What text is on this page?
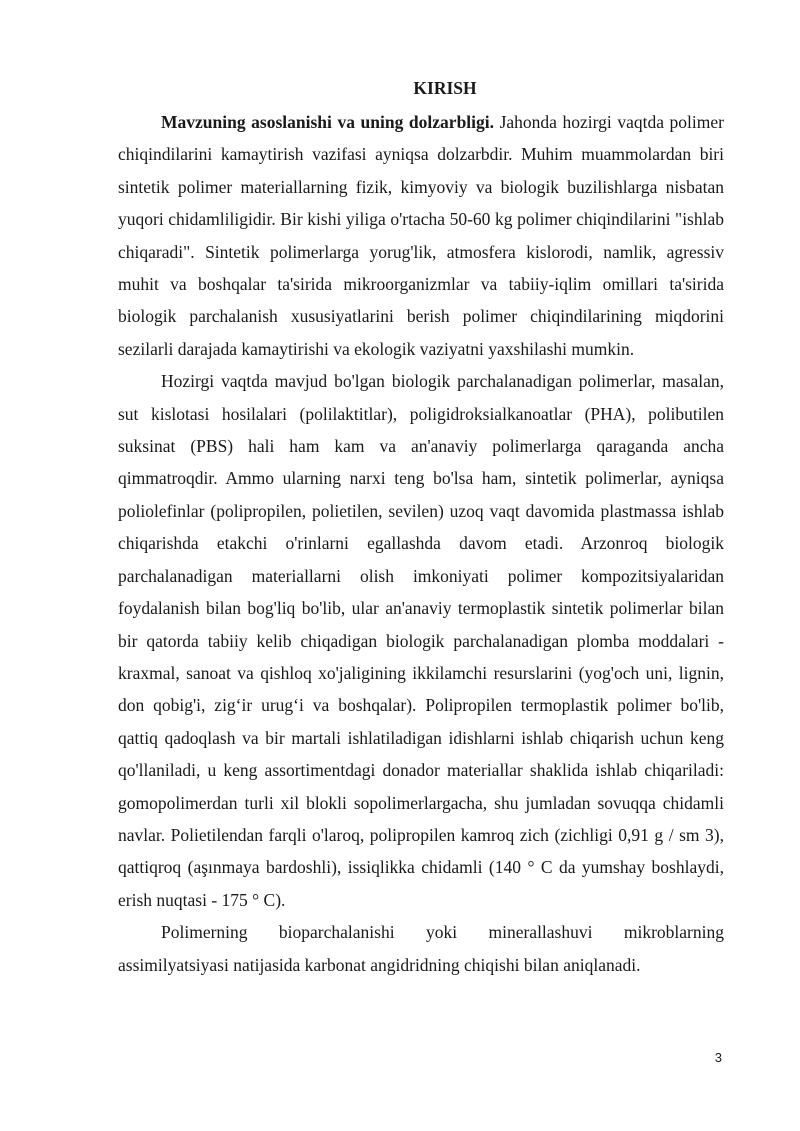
KIRISH

Mavzuning asoslanishi va uning dolzarbligi. Jahonda hozirgi vaqtda polimer chiqindilarini kamaytirish vazifasi ayniqsa dolzarbdir. Muhim muammolardan biri sintetik polimer materiallarning fizik, kimyoviy va biologik buzilishlarga nisbatan yuqori chidamliligidir. Bir kishi yiliga o'rtacha 50-60 kg polimer chiqindilarini "ishlab chiqaradi". Sintetik polimerlarga yorug'lik, atmosfera kislorodi, namlik, agressiv muhit va boshqalar ta'sirida mikroorganizmlar va tabiiy-iqlim omillari ta'sirida biologik parchalanish xususiyatlarini berish polimer chiqindilarining miqdorini sezilarli darajada kamaytirishi va ekologik vaziyatni yaxshilashi mumkin.

Hozirgi vaqtda mavjud bo'lgan biologik parchalanadigan polimerlar, masalan, sut kislotasi hosilalari (polilaktitlar), poligidroksialkanoatlar (PHA), polibutilen suksinat (PBS) hali ham kam va an'anaviy polimerlarga qaraganda ancha qimmatroqdir. Ammo ularning narxi teng bo'lsa ham, sintetik polimerlar, ayniqsa poliolefinlar (polipropilen, polietilen, sevilen) uzoq vaqt davomida plastmassa ishlab chiqarishda etakchi o'rinlarni egallashda davom etadi. Arzonroq biologik parchalanadigan materiallarni olish imkoniyati polimer kompozitsiyalaridan foydalanish bilan bog'liq bo'lib, ular an'anaviy termoplastik sintetik polimerlar bilan bir qatorda tabiiy kelib chiqadigan biologik parchalanadigan plomba moddalari - kraxmal, sanoat va qishloq xo'jaligining ikkilamchi resurslarini (yog'och uni, lignin, don qobig'i, zig‘ir urug‘i va boshqalar). Polipropilen termoplastik polimer bo'lib, qattiq qadoqlash va bir martali ishlatiladigan idishlarni ishlab chiqarish uchun keng qo'llaniladi, u keng assortimentdagi donador materiallar shaklida ishlab chiqariladi: gomopolimerdan turli xil blokli sopolimerlargacha, shu jumladan sovuqqa chidamli navlar. Polietilendan farqli o'laroq, polipropilen kamroq zich (zichligi 0,91 g / sm 3), qattiqroq (aşınmaya bardoshli), issiqlikka chidamli (140 ° C da yumshay boshlaydi, erish nuqtasi - 175 ° C).

Polimerning bioparchalanishi yoki minerallashuvi mikroblarning assimilyatsiyasi natijasida karbonat angidridning chiqishi bilan aniqlanadi.

3
